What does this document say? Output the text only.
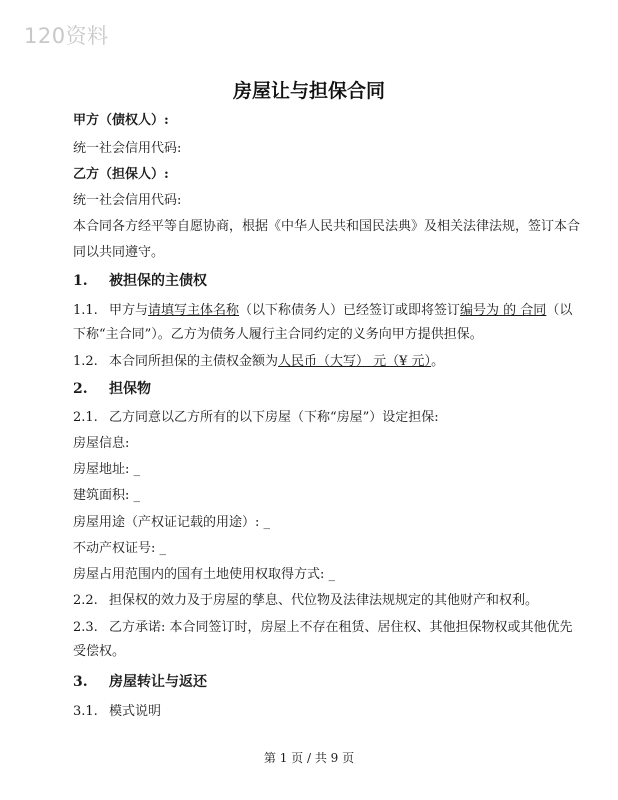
120资料
房屋让与担保合同
甲方（债权人）:
统一社会信用代码:
乙方（担保人）:
统一社会信用代码:
本合同各方经平等自愿协商，根据《中华人民共和国民法典》及相关法律法规，签订本合
同以共同遵守。
1. 被担保的主债权
1.1. 甲方与请填写主体名称（以下称债务人）已经签订或即将签订编号为 的 合同（以
下称“主合同”）。乙方为债务人履行主合同约定的义务向甲方提供担保。
1.2. 本合同所担保的主债权金额为人民币（大写） 元（¥ 元）。
2. 担保物
2.1. 乙方同意以乙方所有的以下房屋（下称“房屋”）设定担保:
房屋信息:
房屋地址: _
建筑面积: _
房屋用途（产权证记载的用途）: _
不动产权证号: _
房屋占用范围内的国有土地使用权取得方式: _
2.2. 担保权的效力及于房屋的孳息、代位物及法律法规规定的其他财产和权利。
2.3. 乙方承诺: 本合同签订时，房屋上不存在租赁、居住权、其他担保物权或其他优先
受偿权。
3. 房屋转让与返还
3.1. 模式说明
第 1 页 / 共 9 页
